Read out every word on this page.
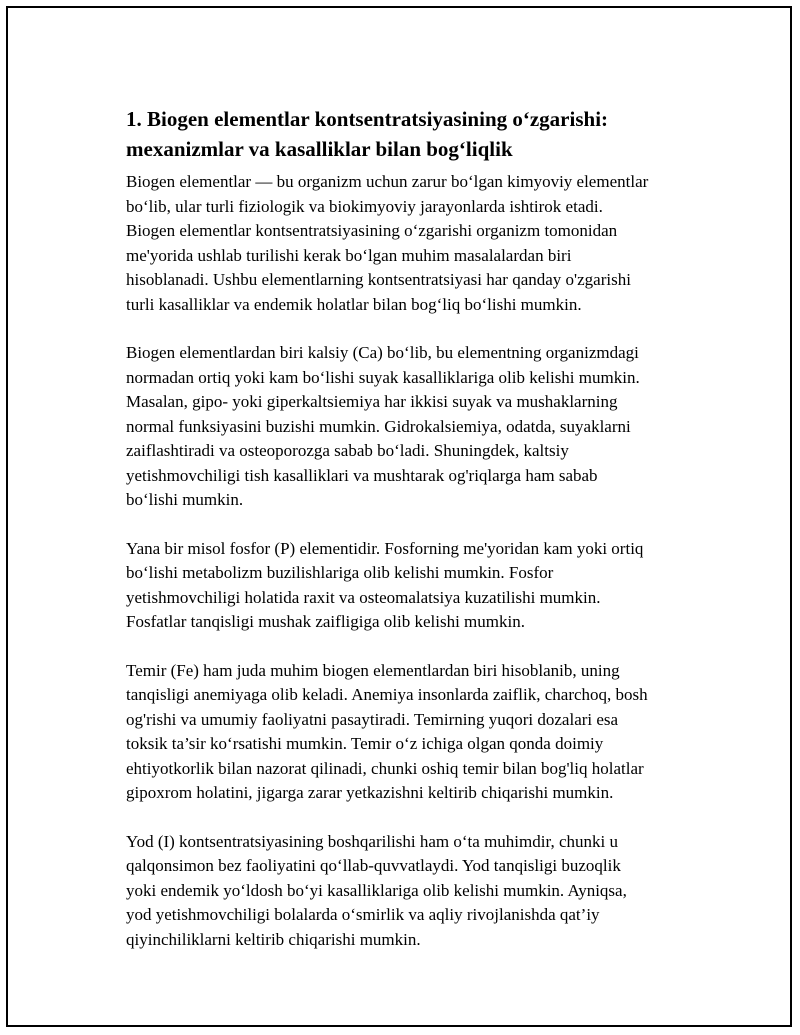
1. Biogen elementlar kontsentratsiyasining o‘zgarishi:
mexanizmlar va kasalliklar bilan bog‘liqlik

Biogen elementlar — bu organizm uchun zarur bo‘lgan kimyoviy elementlar
bo‘lib, ular turli fiziologik va biokimyoviy jarayonlarda ishtirok etadi.
Biogen elementlar kontsentratsiyasining o‘zgarishi organizm tomonidan
me'yorida ushlab turilishi kerak bo‘lgan muhim masalalardan biri
hisoblanadi. Ushbu elementlarning kontsentratsiyasi har qanday o'zgarishi
turli kasalliklar va endemik holatlar bilan bog‘liq bo‘lishi mumkin.

Biogen elementlardan biri kalsiy (Ca) bo‘lib, bu elementning organizmdagi
normadan ortiq yoki kam bo‘lishi suyak kasalliklariga olib kelishi mumkin.
Masalan, gipo- yoki giperkaltsiemiya har ikkisi suyak va mushaklarning
normal funksiyasini buzishi mumkin. Gidrokalsiemiya, odatda, suyaklarni
zaiflashtiradi va osteoporozga sabab bo‘ladi. Shuningdek, kaltsiy
yetishmovchiligi tish kasalliklari va mushtarak og'riqlarga ham sabab
bo‘lishi mumkin.

Yana bir misol fosfor (P) elementidir. Fosforning me'yoridan kam yoki ortiq
bo‘lishi metabolizm buzilishlariga olib kelishi mumkin. Fosfor
yetishmovchiligi holatida raxit va osteomalatsiya kuzatilishi mumkin.
Fosfatlar tanqisligi mushak zaifligiga olib kelishi mumkin.

Temir (Fe) ham juda muhim biogen elementlardan biri hisoblanib, uning
tanqisligi anemiyaga olib keladi. Anemiya insonlarda zaiflik, charchoq, bosh
og'rishi va umumiy faoliyatni pasaytiradi. Temirning yuqori dozalari esa
toksik ta’sir ko‘rsatishi mumkin. Temir o‘z ichiga olgan qonda doimiy
ehtiyotkorlik bilan nazorat qilinadi, chunki oshiq temir bilan bog'liq holatlar
gipoxrom holatini, jigarga zarar yetkazishni keltirib chiqarishi mumkin.

Yod (I) kontsentratsiyasining boshqarilishi ham o‘ta muhimdir, chunki u
qalqonsimon bez faoliyatini qo‘llab-quvvatlaydi. Yod tanqisligi buzoqlik
yoki endemik yo‘ldosh bo‘yi kasalliklariga olib kelishi mumkin. Ayniqsa,
yod yetishmovchiligi bolalarda o‘smirlik va aqliy rivojlanishda qat’iy
qiyinchiliklarni keltirib chiqarishi mumkin.
